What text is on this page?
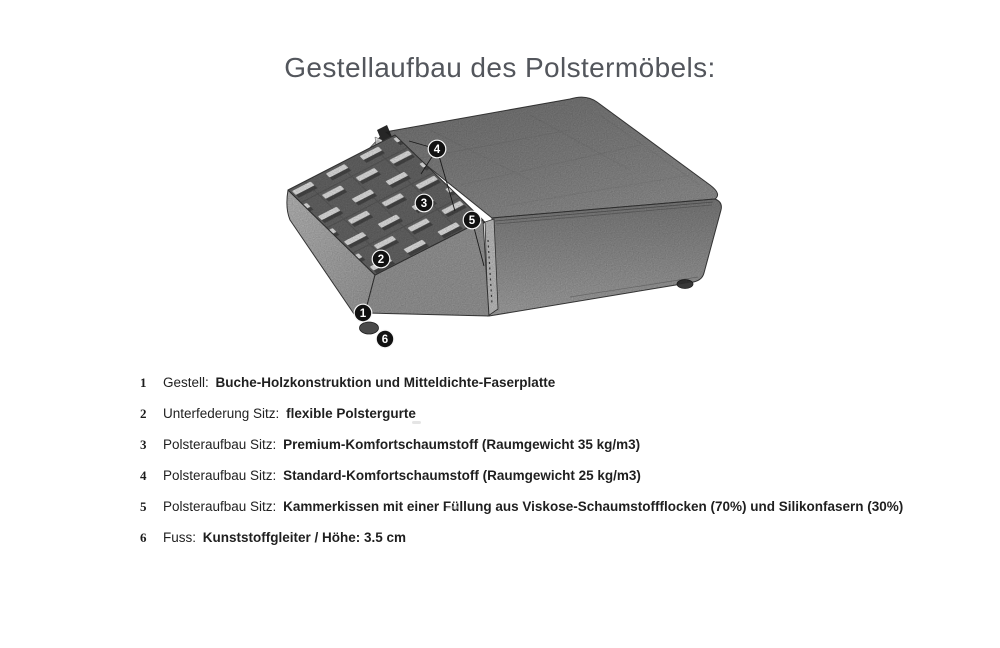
Gestellaufbau des Polstermöbels:
1
2
3
4
5
6
1	Gestell: Buche-Holzkonstruktion und Mitteldichte-Faserplatte

2	Unterfederung Sitz: flexible Polstergurte

3	Polsteraufbau Sitz: Premium-Komfortschaumstoff (Raumgewicht 35 kg/m3)

4	Polsteraufbau Sitz: Standard-Komfortschaumstoff (Raumgewicht 25 kg/m3)

5	Polsteraufbau Sitz: Kammerkissen mit einer Füllung aus Viskose-Schaumstoffflocken (70%) und Silikonfasern (30%)

6	Fuss: Kunststoffgleiter / Höhe: 3.5 cm
